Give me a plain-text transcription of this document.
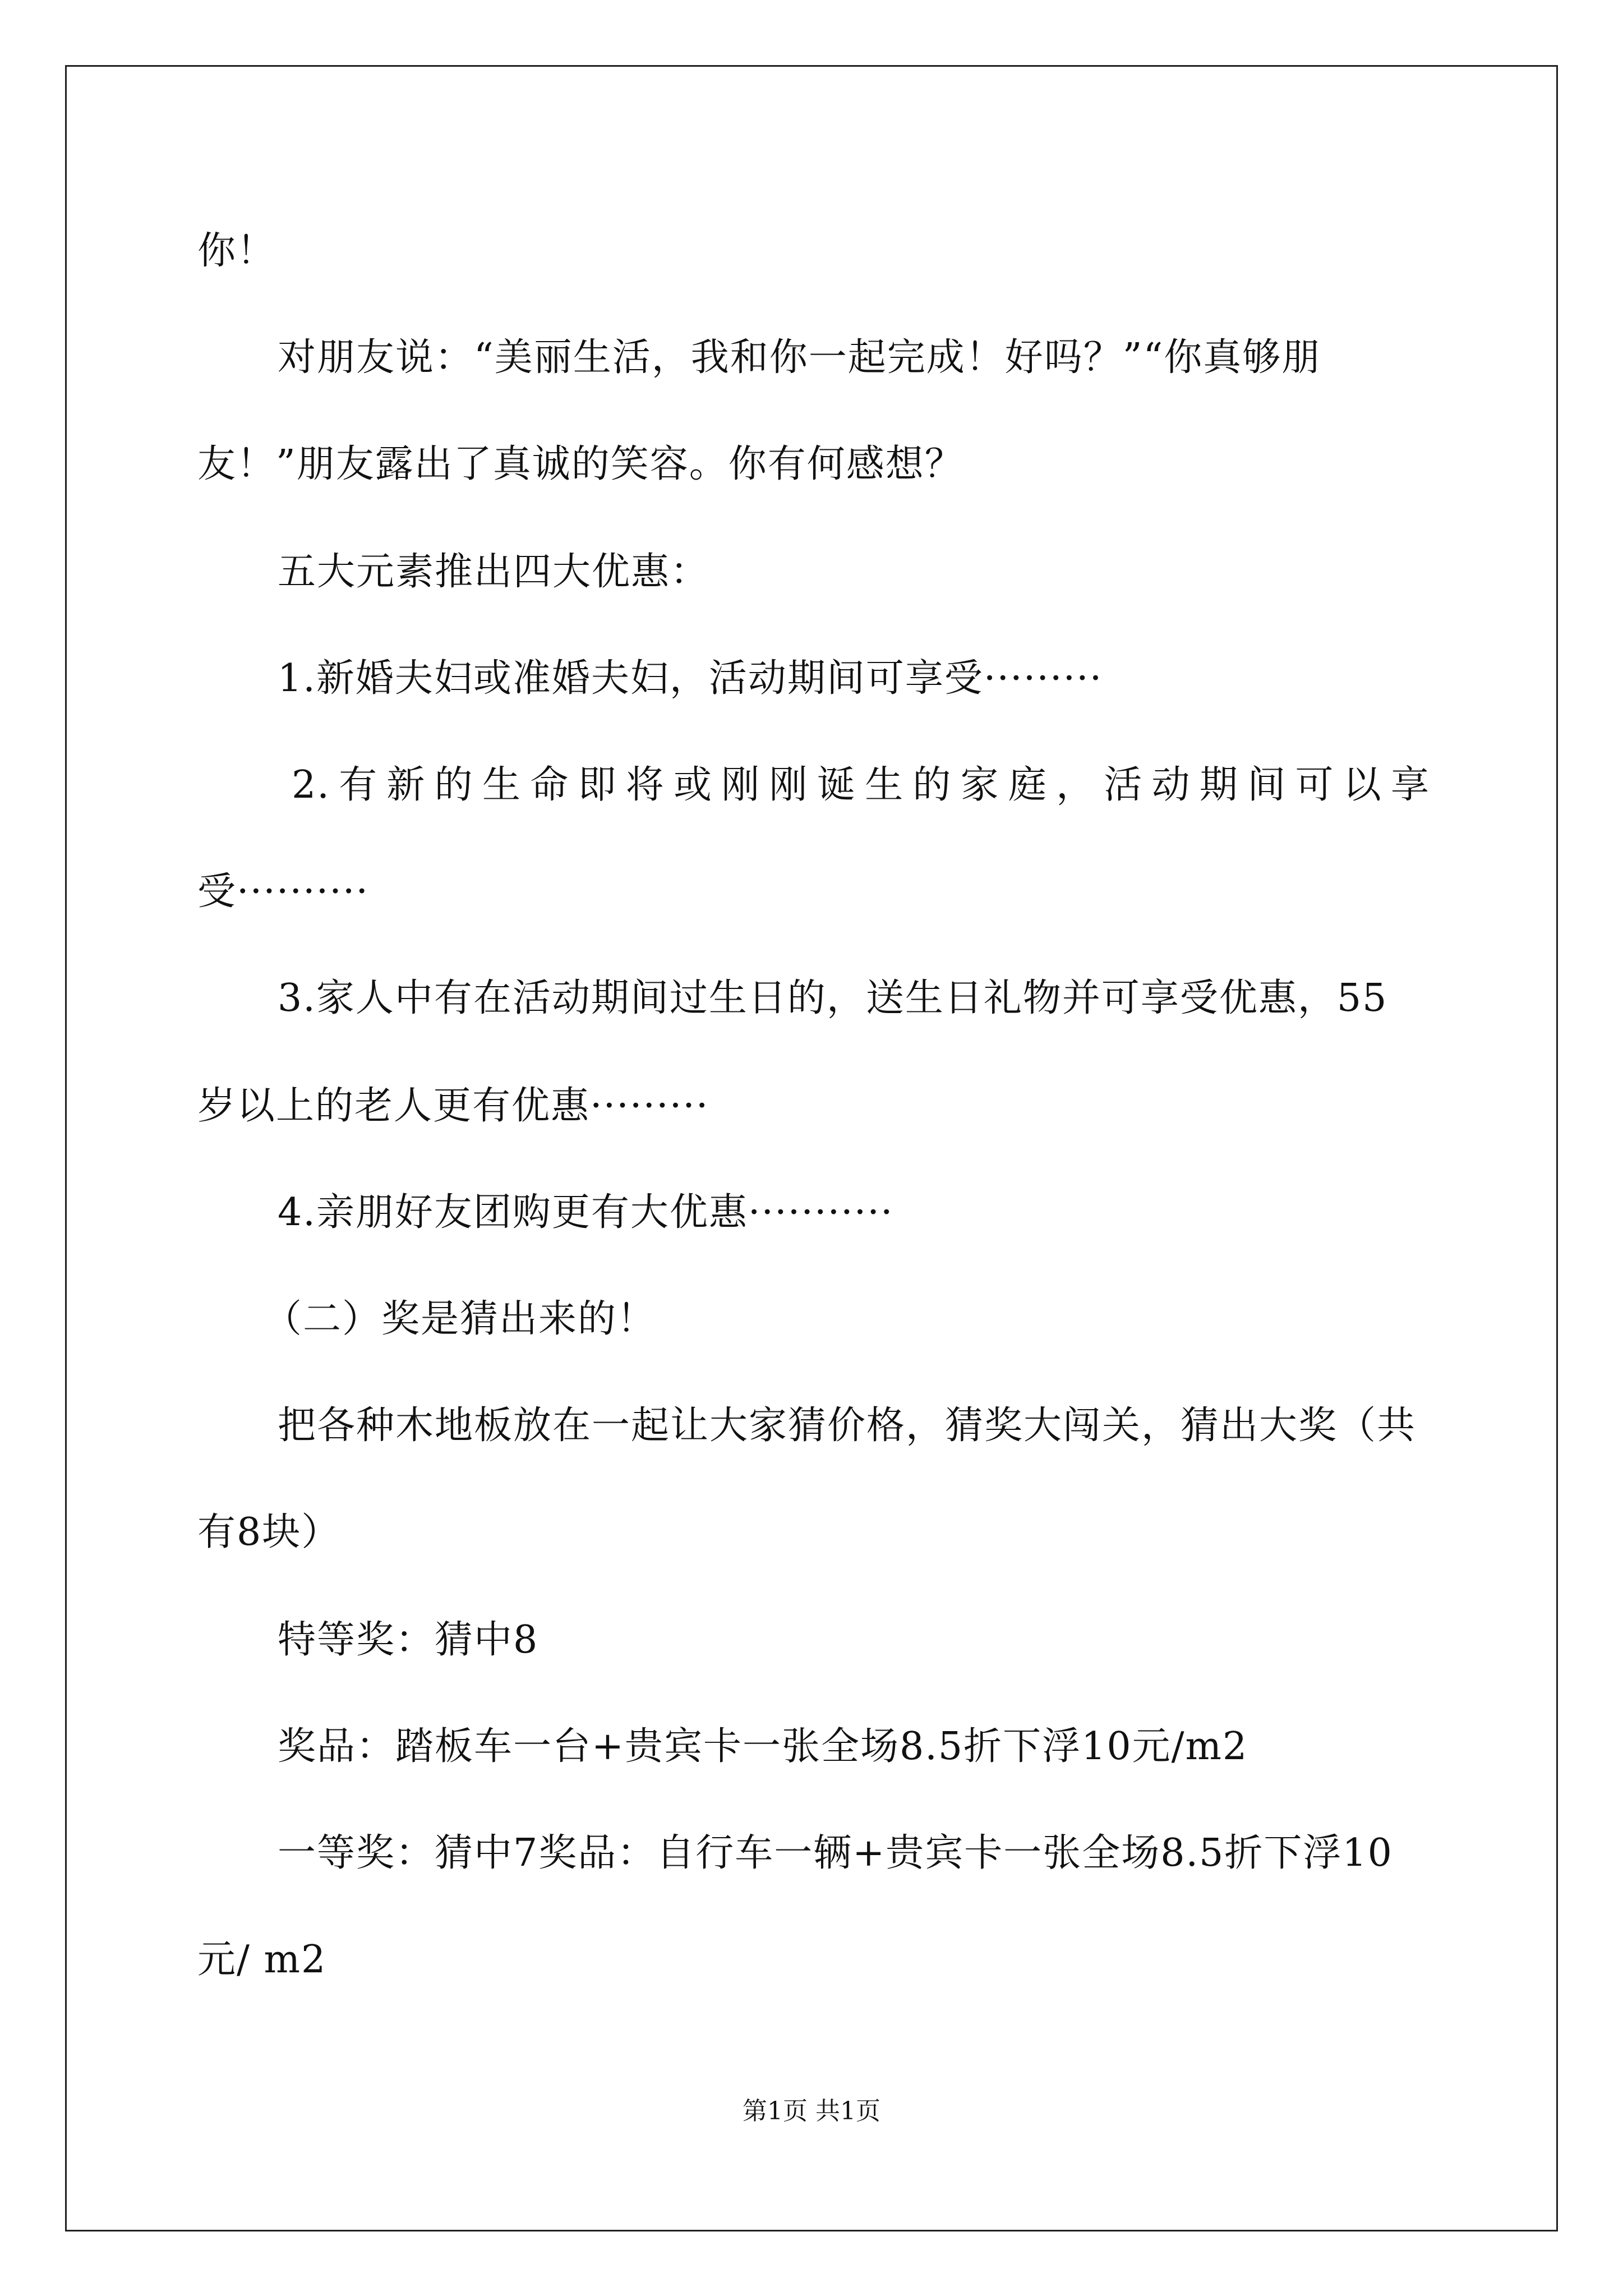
你！
对朋友说：“美丽生活，我和你一起完成！好吗？”“你真够朋
友！”朋友露出了真诚的笑容。你有何感想？
五大元素推出四大优惠：
1.新婚夫妇或准婚夫妇，活动期间可享受·········
2.有新的生命即将或刚刚诞生的家庭，活动期间可以享
受··········
3.家人中有在活动期间过生日的，送生日礼物并可享受优惠，55
岁以上的老人更有优惠·········
4.亲朋好友团购更有大优惠···········
（二）奖是猜出来的！
把各种木地板放在一起让大家猜价格，猜奖大闯关，猜出大奖（共
有8块）
特等奖：猜中8
奖品：踏板车一台+贵宾卡一张全场8.5折下浮10元/m2
一等奖：猜中7奖品：自行车一辆+贵宾卡一张全场8.5折下浮10
元/ m2
第1页 共1页
